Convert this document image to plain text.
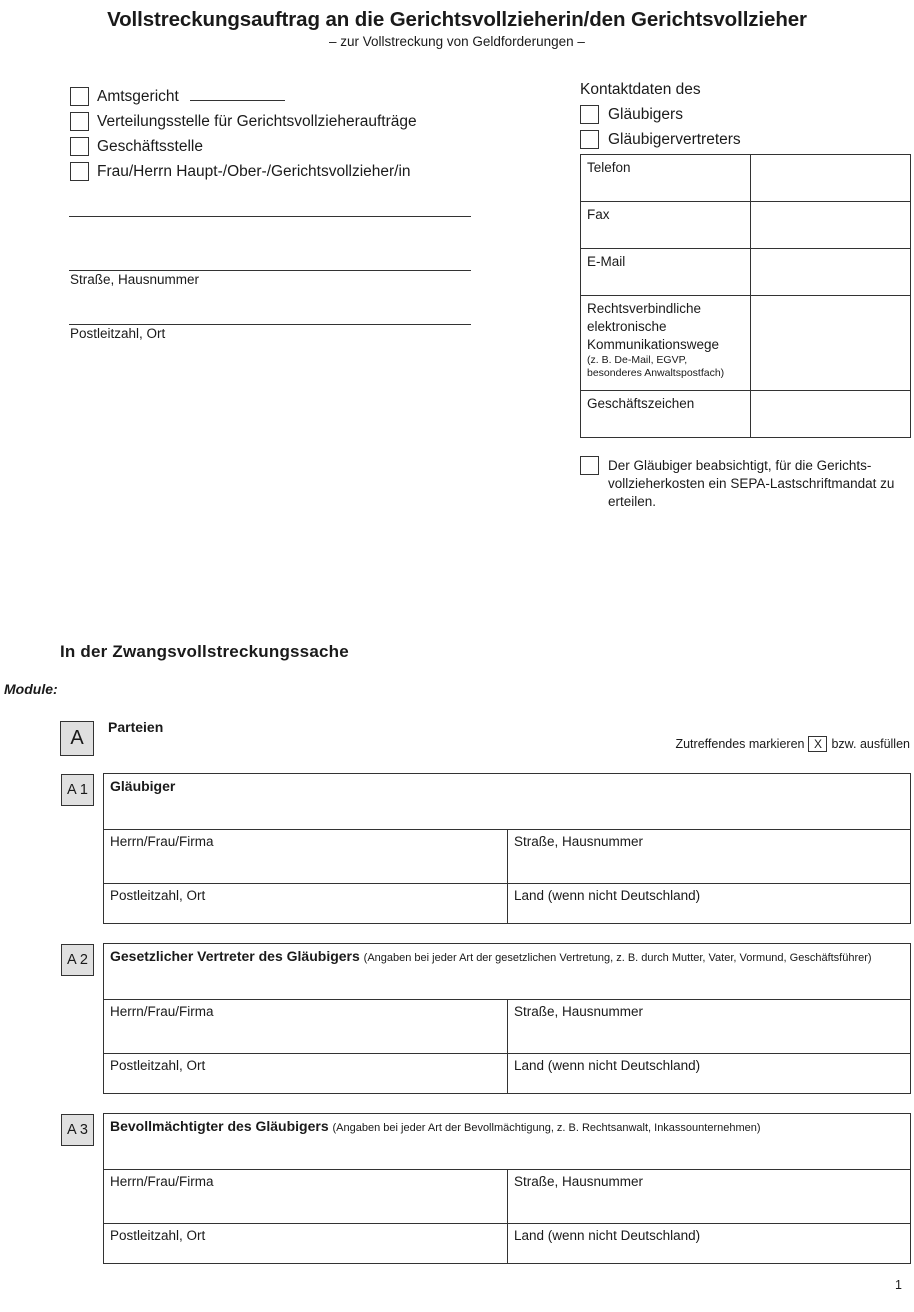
Vollstreckungsauftrag an die Gerichtsvollzieherin/den Gerichtsvollzieher
– zur Vollstreckung von Geldforderungen –
Amtsgericht
Verteilungsstelle für Gerichtsvollzieheraufträge
Geschäftsstelle
Frau/Herrn Haupt-/Ober-/Gerichtsvollzieher/in
Straße, Hausnummer
Postleitzahl, Ort
Kontaktdaten des
Gläubigers
Gläubigervertreters
Telefon
Fax
E-Mail
Rechtsverbindliche elektronische Kommunikationswege
(z. B. De-Mail, EGVP, besonderes Anwaltspostfach)
Geschäftszeichen
Der Gläubiger beabsichtigt, für die Gerichts-vollzieherkosten ein SEPA-Lastschriftmandat zu erteilen.
In der Zwangsvollstreckungssache
Module:
A	Parteien
Zutreffendes markieren X bzw. ausfüllen
A 1	Gläubiger
Herrn/Frau/Firma	Straße, Hausnummer
Postleitzahl, Ort	Land (wenn nicht Deutschland)
A 2	Gesetzlicher Vertreter des Gläubigers (Angaben bei jeder Art der gesetzlichen Vertretung, z. B. durch Mutter, Vater, Vormund, Geschäftsführer)
Herrn/Frau/Firma	Straße, Hausnummer
Postleitzahl, Ort	Land (wenn nicht Deutschland)
A 3	Bevollmächtigter des Gläubigers (Angaben bei jeder Art der Bevollmächtigung, z. B. Rechtsanwalt, Inkassounternehmen)
Herrn/Frau/Firma	Straße, Hausnummer
Postleitzahl, Ort	Land (wenn nicht Deutschland)
1
